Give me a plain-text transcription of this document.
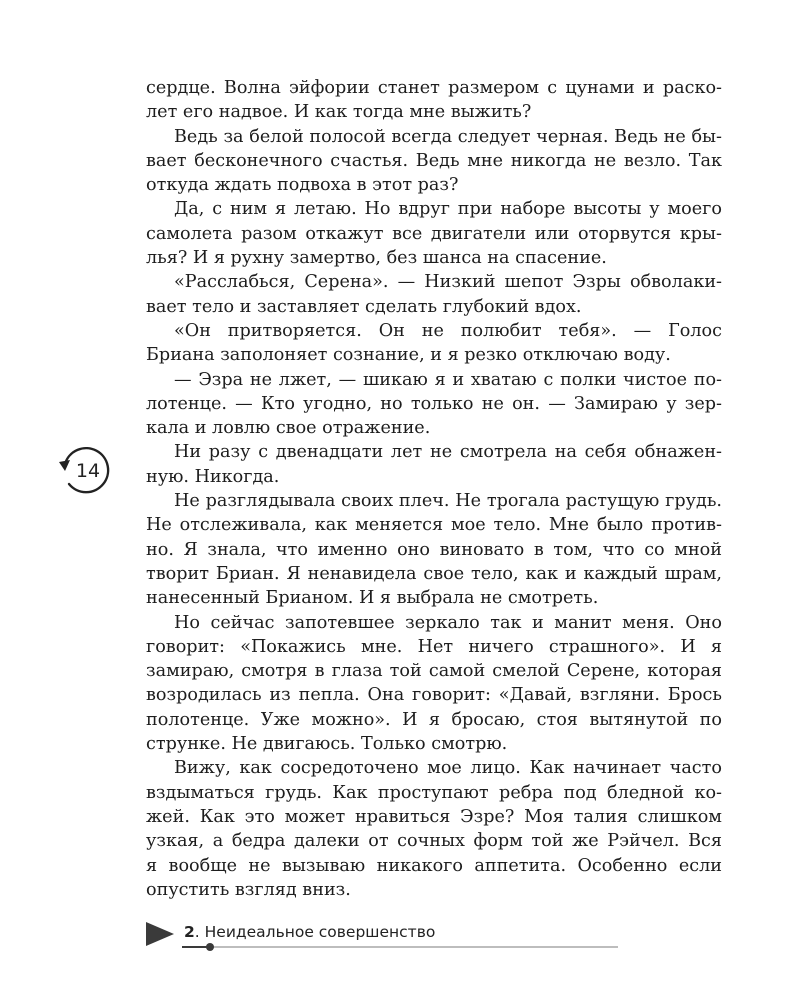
сердце. Волна эйфории станет размером с цунами и раско-
лет его надвое. И как тогда мне выжить?

Ведь за белой полосой всегда следует черная. Ведь не бы-
вает бесконечного счастья. Ведь мне никогда не везло. Так
откуда ждать подвоха в этот раз?

Да, с ним я летаю. Но вдруг при наборе высоты у моего
самолета разом откажут все двигатели или оторвутся кры-
лья? И я рухну замертво, без шанса на спасение.

«Расслабься, Серена». — Низкий шепот Эзры обволаки-
вает тело и заставляет сделать глубокий вдох.

«Он притворяется. Он не полюбит тебя». — Голос
Бриана заполоняет сознание, и я резко отключаю воду.

— Эзра не лжет, — шикаю я и хватаю с полки чистое по-
лотенце. — Кто угодно, но только не он. — Замираю у зер-
кала и ловлю свое отражение.

Ни разу с двенадцати лет не смотрела на себя обнажен-
ную. Никогда.

Не разглядывала своих плеч. Не трогала растущую грудь.
Не отслеживала, как меняется мое тело. Мне было против-
но. Я знала, что именно оно виновато в том, что со мной
творит Бриан. Я ненавидела свое тело, как и каждый шрам,
нанесенный Брианом. И я выбрала не смотреть.

Но сейчас запотевшее зеркало так и манит меня. Оно
говорит: «Покажись мне. Нет ничего страшного». И я
замираю, смотря в глаза той самой смелой Серене, которая
возродилась из пепла. Она говорит: «Давай, взгляни. Брось
полотенце. Уже можно». И я бросаю, стоя вытянутой по
струнке. Не двигаюсь. Только смотрю.

Вижу, как сосредоточено мое лицо. Как начинает часто
вздыматься грудь. Как проступают ребра под бледной ко-
жей. Как это может нравиться Эзре? Моя талия слишком
узкая, а бедра далеки от сочных форм той же Рэйчел. Вся
я вообще не вызываю никакого аппетита. Особенно если
опустить взгляд вниз.

14
2. Неидеальное совершенство
